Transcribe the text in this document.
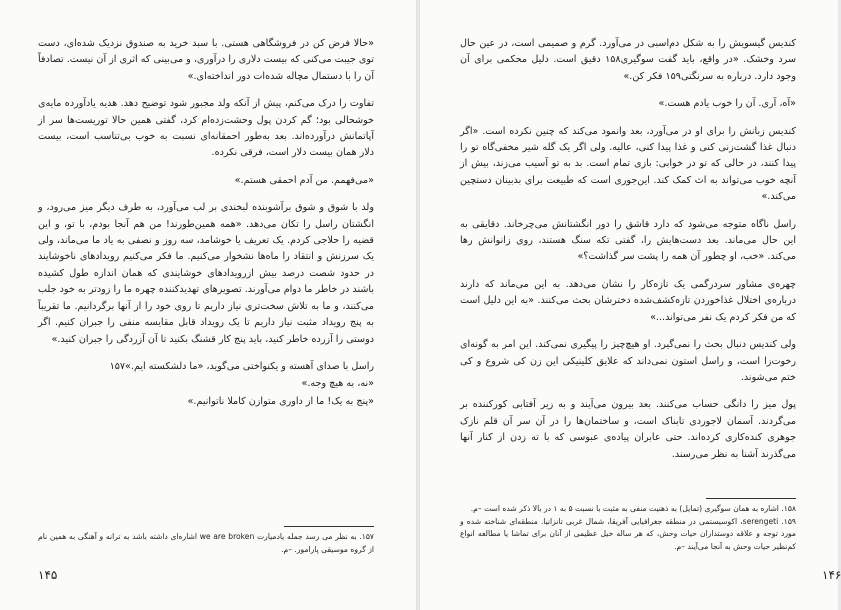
«حالا فرض کن در فروشگاهی هستی. با سبد خرید به صندوق نزدیک شده‌ای، دست توی جیبت می‌کنی که بیست دلاری را درآوری، و می‌بینی که اثری از آن نیست. تصادفاً آن را با دستمال مچاله شده‌ات دور انداخته‌ای.»

تفاوت را درک می‌کنم، پیش از آنکه ولد مجبور شود توضیح دهد. هدیه یادآورده مایه‌ی خوشحالی بود؛ گم کردن پول وحشت‌زده‌ام کرد، گفتی همین حالا توریست‌ها سر از آپاتمانش درآورده‌اند. بعد به‌طور احمقانه‌ای نسبت به خوب بی‌تناسب است، بیست دلار همان بیست دلار است، فرقی نکرده.

«می‌فهمم. من آدم احمقی هستم.»

ولد با شوق و شوق برآشوبنده لبخندی بر لب می‌آورد، به طرف دیگر میز می‌رود، و انگشتان راسل را تکان می‌دهد. «همه همین‌طورند! من هم آنجا بودم، با تو، و این قضیه را حلاجی کردم. یک تعریف یا خوشامد، سه روز و نصفی به یاد ما می‌ماند، ولی یک سرزنش و انتقاد را ماه‌ها نشخوار می‌کنیم. ما فکر می‌کنیم رویدادهای ناخوشایند در حدود شصت درصد بیش ازرویدادهای خوشایندی که همان اندازه طول کشیده باشند در خاطر ما دوام می‌آورند. تصویرهای تهدیدکننده چهره ما را زودتر به خود جلب می‌کنند، و ما به تلاش سخت‌تری نیاز داریم تا روی خود را از آنها برگردانیم. ما تقریباً به پنج رویداد مثبت نیاز داریم تا یک رویداد قابل مقایسه منفی را جبران کنیم. اگر دوستی را آزرده خاطر کنید، باید پنج کار قشنگ بکنید تا آن آزردگی را جبران کنید.»

راسل با صدای آهسته و یکنواختی می‌گوید، «ما دلشکسته ایم.»۱۵۷

«نه، به هیچ وجه.»

«پنج به یک! ما از داوری متوازن کاملا ناتوانیم.»

۱۵۷. به نظر می رسد جمله یادمیارت we are broken اشاره‌ای داشته باشد به ترانه و آهنگی به همین نام از گروه موسیقی پارامور. –م.

۱۴۵

کندیس گیسویش را به شکل دم‌اسبی در می‌آورد. گرم و صمیمی است، در عین حال سرد وخشک. «در واقع، باید گفت سوگیری۱۵۸ دقیق است. دلیل محکمی برای آن وجود دارد. درباره به سرنگتی۱۵۹ فکر کن.»

«آه، آری. آن را خوب یادم هست.»

کندیس زبانش را برای او در می‌آورد، بعد وانمود می‌کند که چنین نکرده است. «اگر دنبال غذا گشت‌زنی کنی و غذا پیدا کنی، عالیه. ولی اگر یک گله شیر مخفی‌گاه تو را پیدا کنند، در حالی که تو در خوابی: بازی تمام است. بد به تو آسیب می‌زند، بیش از آنچه خوب می‌تواند به اث کمک کند. این‌جوری است که طبیعت برای بدبینان دستچین می‌کند.»

راسل ناگاه متوجه می‌شود که دارد قاشق را دور انگشتانش می‌چرخاند. دقایقی به این حال می‌ماند. بعد دست‌هایش را، گفتی تکه سنگ هستند، روی زانوانش رها می‌کند. «خب، او چطور آن همه را پشت سر گذاشت؟»

چهره‌ی مشاور سردرگمی یک تازه‌کار را نشان می‌دهد. به این می‌ماند که دارند درباره‌ی اختلال غذاخوردن تازه‌کشف‌شده دخترشان بحث می‌کنند. «به این دلیل است که من فکر کردم یک نفر می‌تواند...»

ولی کندیس دنبال بحث را نمی‌گیرد. او هیچ‌چیز را پیگیری نمی‌کند. این امر به گونه‌ای رخوت‌زا است، و راسل استون نمی‌داند که علایق کلینیکی این زن کی شروع و کی ختم می‌شوند.

پول میز را دانگی حساب می‌کنند. بعد بیرون می‌آیند و به زیر آفتابی کورکننده بر می‌گردند. آسمان لاجوردی تابناک است، و ساختمان‌ها را در آن سر آن قلم نازک جوهری کنده‌کاری کرده‌اند. حتی عابران پیاده‌ی عبوسی که با ته زدن از کنار آنها می‌گذرند آشنا به نظر می‌رسند.

۱۵۸. اشاره به همان سوگیری (تمایل) به ذهنیت منفی به مثبت با نسبت ۵ به ۱ در بالا ذکر شده است –م.

۱۵۹. serengeti، اکوسیستمی در منطقه جغرافیایی آفریقا، شمال غربی تانزانیا. منطقه‌ای شناخته شده و مورد توجه و علاقه دوستداران حیات وحش، که هر ساله خیل عظیمی از آنان برای تماشا یا مطالعه انواع کم‌نظیر حیات وحش به آنجا می‌آیند –م.

۱۴۶
